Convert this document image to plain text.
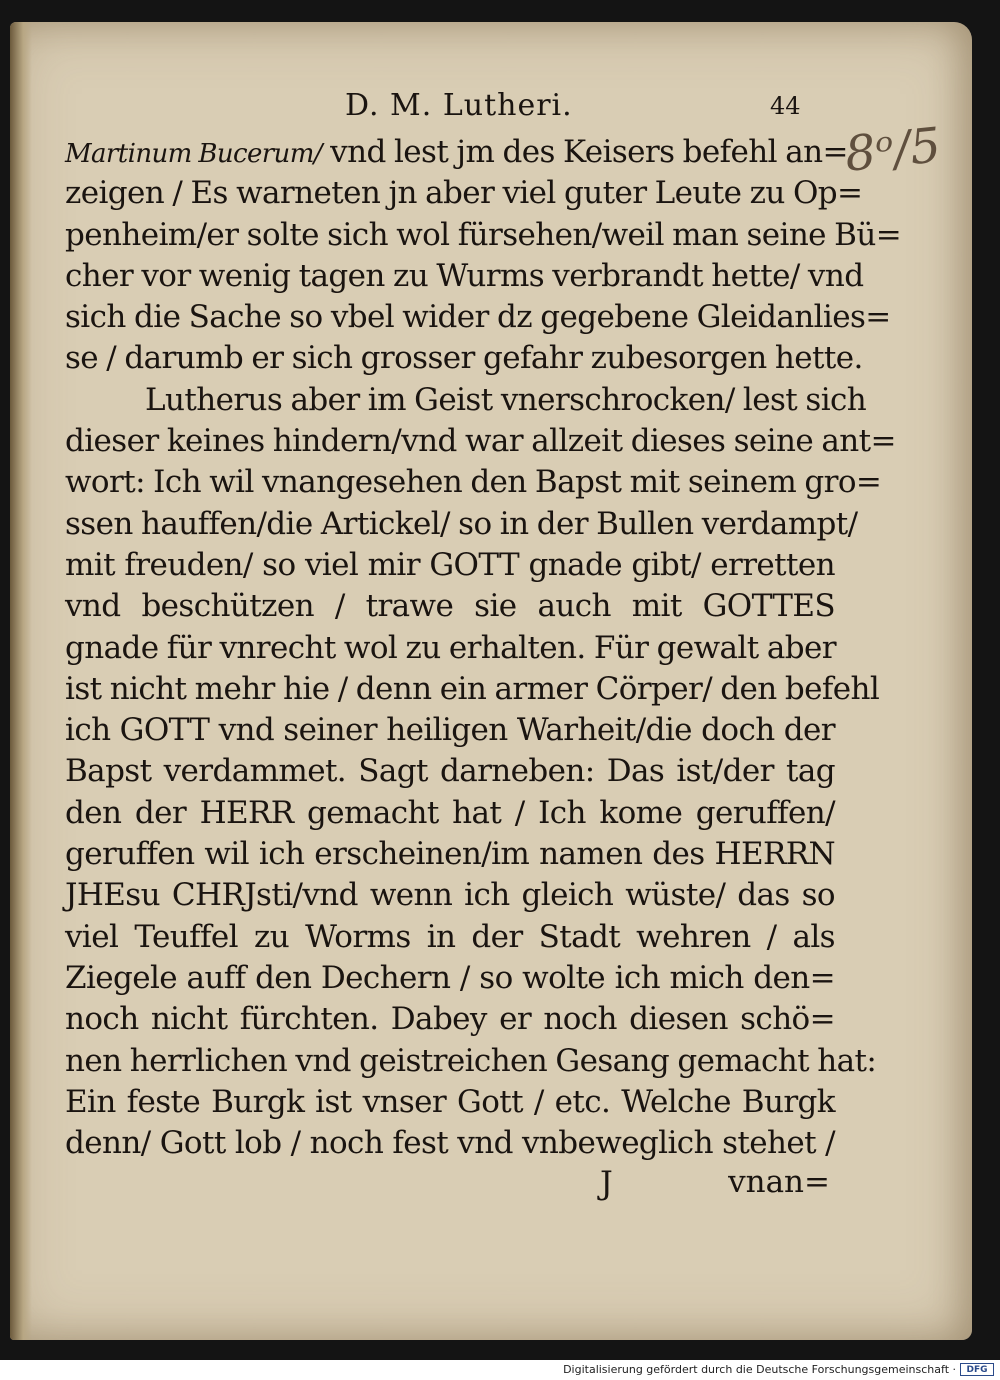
8ᵒ/5
D. M. Lutheri.	44
Martinum Bucerum/ vnd lest jm des Keisers befehl an=
zeigen / Es warneten jn aber viel guter Leute zu Op=
penheim/er solte sich wol fürsehen/weil man seine Bü=
cher vor wenig tagen zu Wurms verbrandt hette/ vnd
sich die Sache so vbel wider dz gegebene Gleidanlies=
se / darumb er sich grosser gefahr zubesorgen hette.
Lutherus aber im Geist vnerschrocken/ lest sich
dieser keines hindern/vnd war allzeit dieses seine ant=
wort: Ich wil vnangesehen den Bapst mit seinem gro=
ssen hauffen/die Artickel/ so in der Bullen verdampt/
mit freuden/ so viel mir GOTT gnade gibt/ erretten
vnd beschützen / trawe sie auch mit GOTTES
gnade für vnrecht wol zu erhalten. Für gewalt aber
ist nicht mehr hie / denn ein armer Cörper/ den befehl
ich GOTT vnd seiner heiligen Warheit/die doch der
Bapst verdammet. Sagt darneben: Das ist/der tag
den der HERR gemacht hat / Ich kome geruffen/
geruffen wil ich erscheinen/im namen des HERRN
JHEsu CHRJsti/vnd wenn ich gleich wüste/ das so
viel Teuffel zu Worms in der Stadt wehren / als
Ziegele auff den Dechern / so wolte ich mich den=
noch nicht fürchten. Dabey er noch diesen schö=
nen herrlichen vnd geistreichen Gesang gemacht hat:
Ein feste Burgk ist vnser Gott / etc. Welche Burgk
denn/ Gott lob / noch fest vnd vnbeweglich stehet /
J	vnan=
Digitalisierung gefördert durch die Deutsche Forschungsgemeinschaft ·	DFG
